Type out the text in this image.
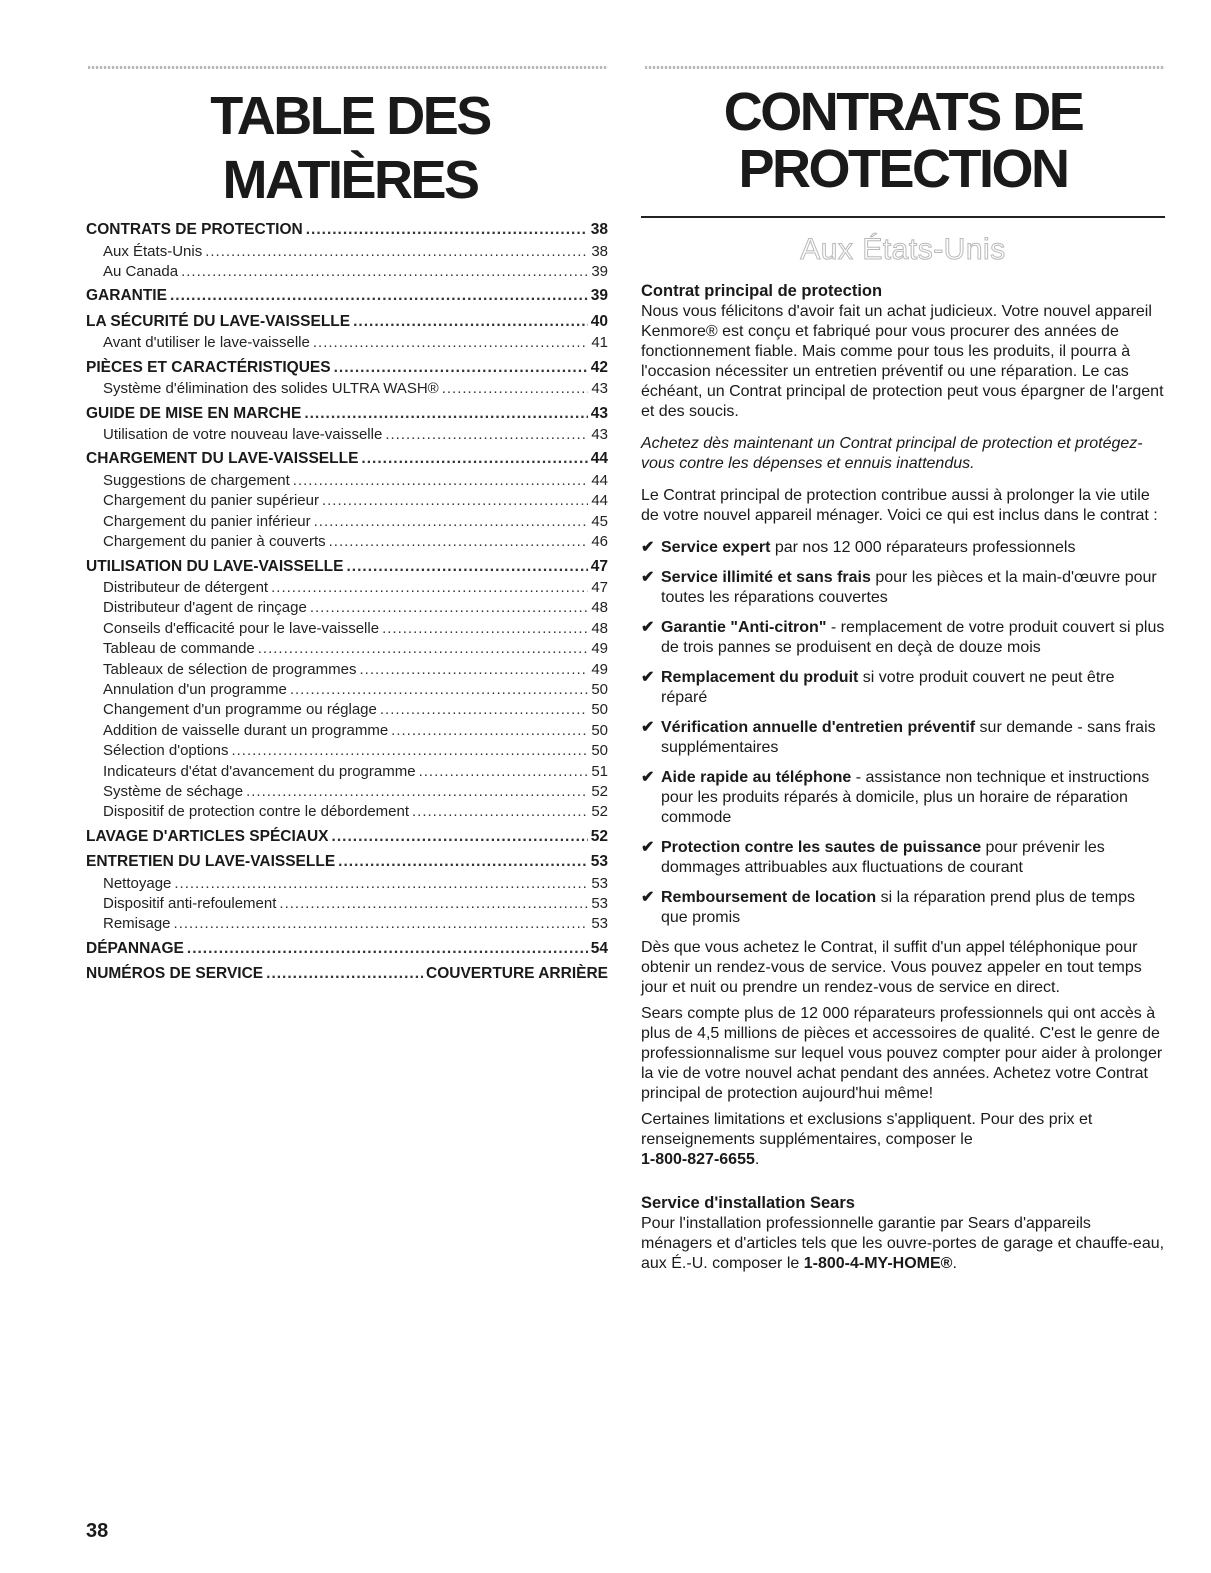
TABLE DES MATIÈRES
CONTRATS DE PROTECTION .....	38
Aux États-Unis .....	38
Au Canada .....	39
GARANTIE .....	39
LA SÉCURITÉ DU LAVE-VAISSELLE .....	40
Avant d'utiliser le lave-vaisselle .....	41
PIÈCES ET CARACTÉRISTIQUES .....	42
Système d'élimination des solides ULTRA WASH® .....	43
GUIDE DE MISE EN MARCHE .....	43
Utilisation de votre nouveau lave-vaisselle .....	43
CHARGEMENT DU LAVE-VAISSELLE .....	44
Suggestions de chargement .....	44
Chargement du panier supérieur .....	44
Chargement du panier inférieur .....	45
Chargement du panier à couverts .....	46
UTILISATION DU LAVE-VAISSELLE .....	47
Distributeur de détergent .....	47
Distributeur d'agent de rinçage .....	48
Conseils d'efficacité pour le lave-vaisselle .....	48
Tableau de commande .....	49
Tableaux de sélection de programmes .....	49
Annulation d'un programme .....	50
Changement d'un programme ou réglage .....	50
Addition de vaisselle durant un programme .....	50
Sélection d'options .....	50
Indicateurs d'état d'avancement du programme .....	51
Système de séchage .....	52
Dispositif de protection contre le débordement .....	52
LAVAGE D'ARTICLES SPÉCIAUX .....	52
ENTRETIEN DU LAVE-VAISSELLE .....	53
Nettoyage .....	53
Dispositif anti-refoulement .....	53
Remisage .....	53
DÉPANNAGE .....	54
NUMÉROS DE SERVICE .....	COUVERTURE ARRIÈRE
CONTRATS DE
PROTECTION
Aux États-Unis
Contrat principal de protection

Nous vous félicitons d'avoir fait un achat judicieux. Votre nouvel appareil Kenmore® est conçu et fabriqué pour vous procurer des années de fonctionnement fiable. Mais comme pour tous les produits, il pourra à l'occasion nécessiter un entretien préventif ou une réparation. Le cas échéant, un Contrat principal de protection peut vous épargner de l'argent et des soucis.

Achetez dès maintenant un Contrat principal de protection et protégez-vous contre les dépenses et ennuis inattendus.

Le Contrat principal de protection contribue aussi à prolonger la vie utile de votre nouvel appareil ménager. Voici ce qui est inclus dans le contrat :

✔ Service expert par nos 12 000 réparateurs professionnels
✔ Service illimité et sans frais pour les pièces et la main-d'œuvre pour toutes les réparations couvertes
✔ Garantie "Anti-citron" - remplacement de votre produit couvert si plus de trois pannes se produisent en deçà de douze mois
✔ Remplacement du produit si votre produit couvert ne peut être réparé
✔ Vérification annuelle d'entretien préventif sur demande - sans frais supplémentaires
✔ Aide rapide au téléphone - assistance non technique et instructions pour les produits réparés à domicile, plus un horaire de réparation commode
✔ Protection contre les sautes de puissance pour prévenir les dommages attribuables aux fluctuations de courant
✔ Remboursement de location si la réparation prend plus de temps que promis

Dès que vous achetez le Contrat, il suffit d'un appel téléphonique pour obtenir un rendez-vous de service. Vous pouvez appeler en tout temps jour et nuit ou prendre un rendez-vous de service en direct.

Sears compte plus de 12 000 réparateurs professionnels qui ont accès à plus de 4,5 millions de pièces et accessoires de qualité. C'est le genre de professionnalisme sur lequel vous pouvez compter pour aider à prolonger la vie de votre nouvel achat pendant des années. Achetez votre Contrat principal de protection aujourd'hui même!

Certaines limitations et exclusions s'appliquent. Pour des prix et renseignements supplémentaires, composer le
1-800-827-6655.

Service d'installation Sears

Pour l'installation professionnelle garantie par Sears d'appareils ménagers et d'articles tels que les ouvre-portes de garage et chauffe-eau, aux É.-U. composer le 1-800-4-MY-HOME®.

38
